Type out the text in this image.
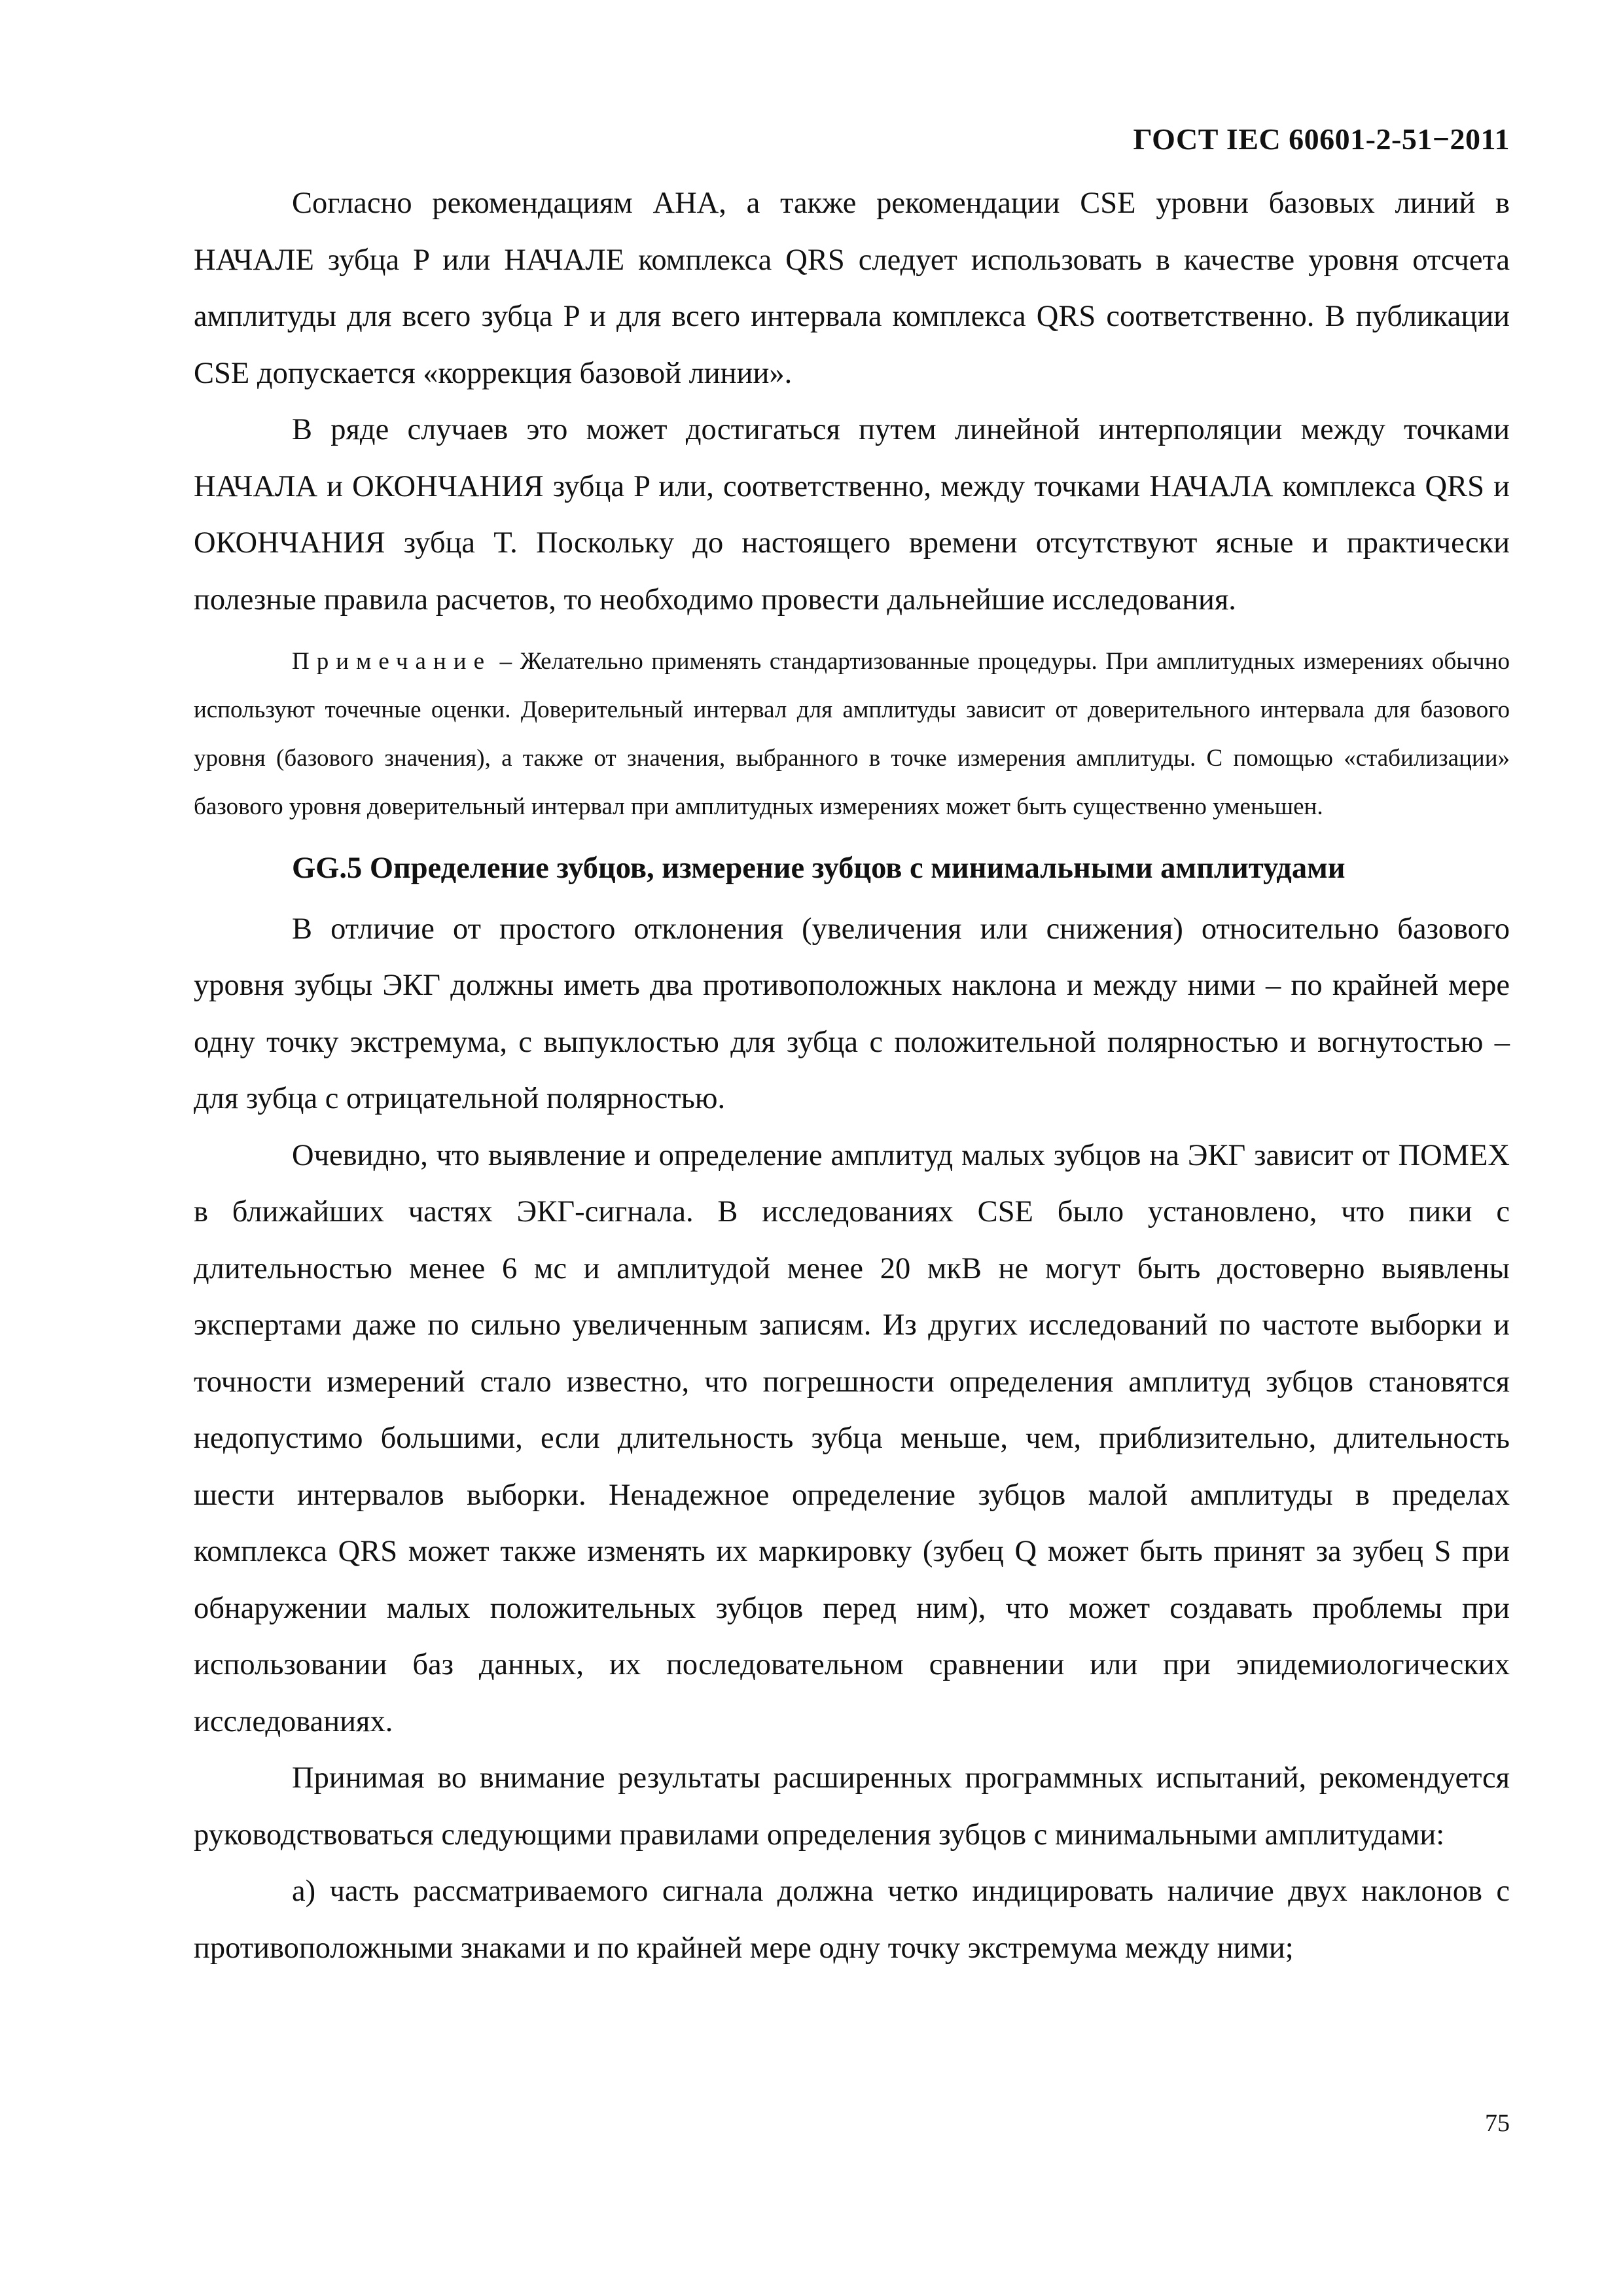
ГОСТ IEC 60601-2-51−2011

Согласно рекомендациям AHA, а также рекомендации CSE уровни базовых линий в НАЧАЛЕ зубца P или НАЧАЛЕ комплекса QRS следует использовать в качестве уровня отсчета амплитуды для всего зубца P и для всего интервала комплекса QRS соответственно. В публикации CSE допускается «коррекция базовой линии».

В ряде случаев это может достигаться путем линейной интерполяции между точками НАЧАЛА и ОКОНЧАНИЯ зубца P или, соответственно, между точками НАЧАЛА комплекса QRS и ОКОНЧАНИЯ зубца T. Поскольку до настоящего времени отсутствуют ясные и практически полезные правила расчетов, то необходимо провести дальнейшие исследования.

Примечание – Желательно применять стандартизованные процедуры. При амплитудных измерениях обычно используют точечные оценки. Доверительный интервал для амплитуды зависит от доверительного интервала для базового уровня (базового значения), а также от значения, выбранного в точке измерения амплитуды. С помощью «стабилизации» базового уровня доверительный интервал при амплитудных измерениях может быть существенно уменьшен.

GG.5 Определение зубцов, измерение зубцов с минимальными амплитудами

В отличие от простого отклонения (увеличения или снижения) относительно базового уровня зубцы ЭКГ должны иметь два противоположных наклона и между ними – по крайней мере одну точку экстремума, с выпуклостью для зубца с положительной полярностью и вогнутостью – для зубца с отрицательной полярностью.

Очевидно, что выявление и определение амплитуд малых зубцов на ЭКГ зависит от ПОМЕХ в ближайших частях ЭКГ-сигнала. В исследованиях CSE было установлено, что пики с длительностью менее 6 мс и амплитудой менее 20 мкВ не могут быть достоверно выявлены экспертами даже по сильно увеличенным записям. Из других исследований по частоте выборки и точности измерений стало известно, что погрешности определения амплитуд зубцов становятся недопустимо большими, если длительность зубца меньше, чем, приблизительно, длительность шести интервалов выборки. Ненадежное определение зубцов малой амплитуды в пределах комплекса QRS может также изменять их маркировку (зубец Q может быть принят за зубец S при обнаружении малых положительных зубцов перед ним), что может создавать проблемы при использовании баз данных, их последовательном сравнении или при эпидемиологических исследованиях.

Принимая во внимание результаты расширенных программных испытаний, рекомендуется руководствоваться следующими правилами определения зубцов с минимальными амплитудами:

а) часть рассматриваемого сигнала должна четко индицировать наличие двух наклонов с противоположными знаками и по крайней мере одну точку экстремума между ними;

75
